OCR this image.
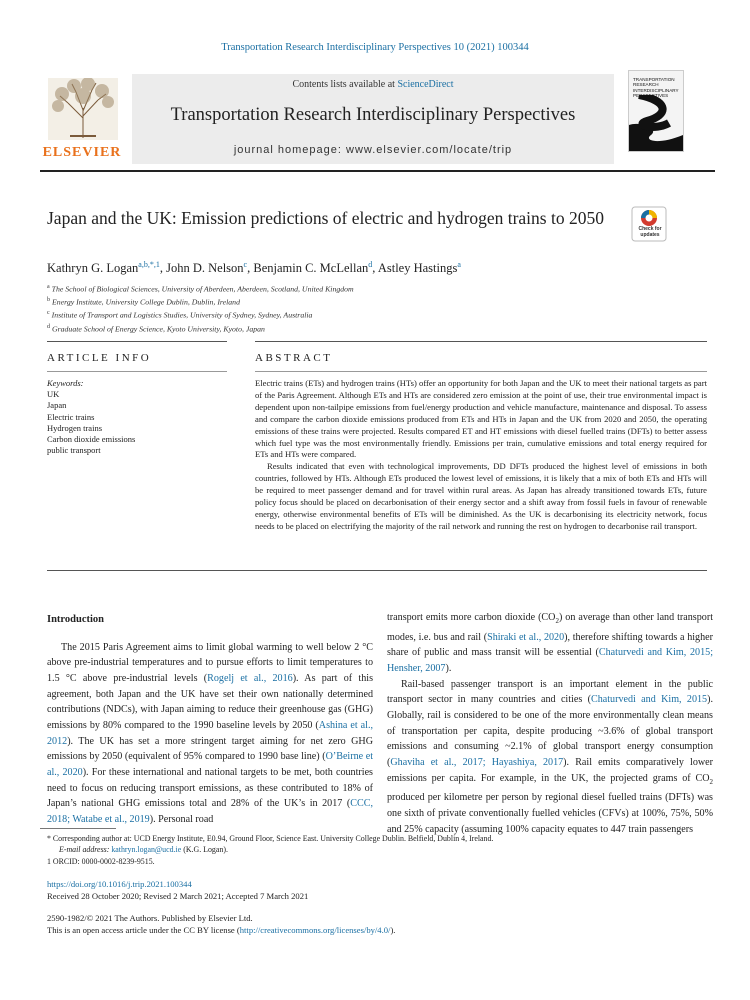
Transportation Research Interdisciplinary Perspectives 10 (2021) 100344
ELSEVIER
Contents lists available at ScienceDirect
Transportation Research Interdisciplinary Perspectives
journal homepage: www.elsevier.com/locate/trip
TRANSPORTATION RESEARCH INTERDISCIPLINARY PERSPECTIVES
Japan and the UK: Emission predictions of electric and hydrogen trains to 2050
Check for updates
Kathryn G. Logan$^{a,b,*,1}$, John D. Nelson$^c$, Benjamin C. McLellan$^d$, Astley Hastings$^a$
$^a$ The School of Biological Sciences, University of Aberdeen, Aberdeen, Scotland, United Kingdom
$^b$ Energy Institute, University College Dublin, Dublin, Ireland
$^c$ Institute of Transport and Logistics Studies, University of Sydney, Sydney, Australia
$^d$ Graduate School of Energy Science, Kyoto University, Kyoto, Japan
ARTICLE INFO	ABSTRACT
Keywords:
UK
Japan
Electric trains
Hydrogen trains
Carbon dioxide emissions
public transport

Electric trains (ETs) and hydrogen trains (HTs) offer an opportunity for both Japan and the UK to meet their national targets as part of the Paris Agreement. Although ETs and HTs are considered zero emission at the point of use, their true environmental impact is dependent upon non-tailpipe emissions from fuel/energy production and vehicle manufacture, maintenance and disposal. To assess and compare the carbon dioxide emissions produced from ETs and HTs in Japan and the UK from 2020 and 2050, the operating emissions of these trains were projected. Results compared ET and HT emissions with diesel fuelled trains (DFTs) to better assess which fuel type was the most environmentally friendly. Emissions per train, cumulative emissions and total energy required for ETs and HTs were compared.

Results indicated that even with technological improvements, DD DFTs produced the highest level of emissions in both countries, followed by HTs. Although ETs produced the lowest level of emissions, it is likely that a mix of both ETs and HTs will be required to meet passenger demand and for travel within rural areas. As Japan has already transitioned towards ETs, future policy focus should be placed on decarbonisation of their energy sector and a shift away from fossil fuels in favour of renewable energy, otherwise environmental benefits of ETs will be diminished. As the UK is decarbonising its electricity network, focus needs to be placed on electrifying the majority of the rail network and running the rest on hydrogen to decarbonise rail transport.

Introduction

The 2015 Paris Agreement aims to limit global warming to well below 2 °C above pre-industrial temperatures and to pursue efforts to limit temperatures to 1.5 °C above pre-industrial levels (Rogelj et al., 2016). As part of this agreement, both Japan and the UK have set their own nationally determined contributions (NDCs), with Japan aiming to reduce their greenhouse gas (GHG) emissions by 80% compared to the 1990 baseline levels by 2050 (Ashina et al., 2012). The UK has set a more stringent target aiming for net zero GHG emissions by 2050 (equivalent of 95% compared to 1990 base line) (O’Beirne et al., 2020). For these international and national targets to be met, both countries need to focus on reducing transport emissions, as these contributed to 18% of Japan’s national GHG emissions total and 28% of the UK’s in 2017 (CCC, 2018; Watabe et al., 2019). Personal road

transport emits more carbon dioxide $(CO_2)$ on average than other land transport modes, i.e. bus and rail (Shiraki et al., 2020), therefore shifting towards a higher share of public and mass transit will be essential (Chaturvedi and Kim, 2015; Hensher, 2007).

Rail-based passenger transport is an important element in the public transport sector in many countries and cities (Chaturvedi and Kim, 2015). Globally, rail is considered to be one of the more environmentally clean means of transportation per capita, despite producing ~3.6% of global transport emissions and consuming ~2.1% of global transport energy consumption (Ghaviha et al., 2017; Hayashiya, 2017). Rail emits comparatively lower emissions per capita. For example, in the UK, the projected grams of $CO_2$ produced per kilometre per person by regional diesel fuelled trains (DFTs) was one sixth of private conventionally fuelled vehicles (CFVs) at 100%, 75%, 50% and 25% capacity (assuming 100% capacity equates to 447 train passengers

* Corresponding author at: UCD Energy Institute, E0.94, Ground Floor, Science East. University College Dublin. Belfield, Dublin 4, Ireland.
E-mail address: kathryn.logan@ucd.ie (K.G. Logan).
1 ORCID: 0000-0002-8239-9515.
https://doi.org/10.1016/j.trip.2021.100344
Received 28 October 2020; Revised 2 March 2021; Accepted 7 March 2021
2590-1982/© 2021 The Authors. Published by Elsevier Ltd.
This is an open access article under the CC BY license (http://creativecommons.org/licenses/by/4.0/).
